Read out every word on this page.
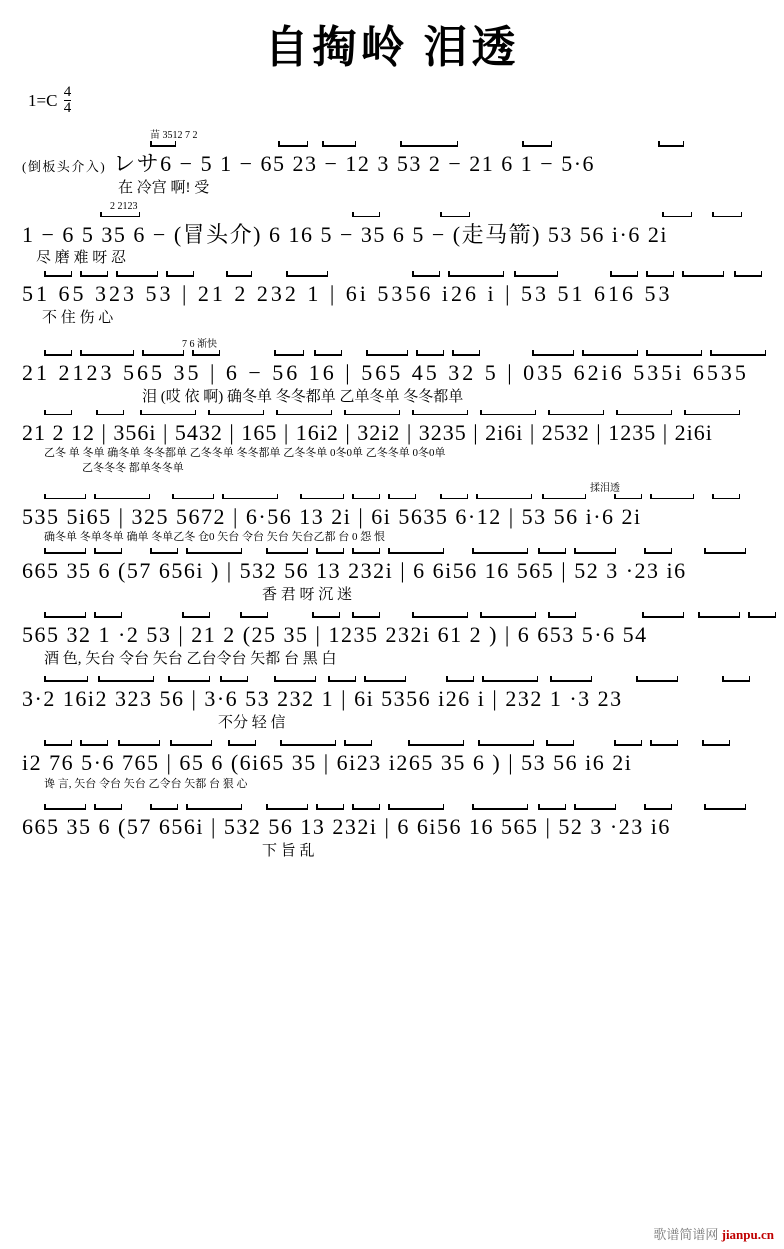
自掏岭 泪透
$1=C \frac{4}{4}$
苗 3512 7 2
(倒板头介入) レサ6 − 5 1 − 65 23 − 12 3 53 2 − 21 6 1 − 5·6
在 冷宫 啊! 受
2 2123
1 − 6 5 35 6 − (冒头介) 6 16 5 − 35 6 5 − (走马箭) 53 56 i·6 2i
尽 磨 难 呀 忍
51 65 323 53 | 21 2 232 1 | 6i 5356 i26 i | 53 51 616 53
不 住 伤 心
7 6 渐快
21 2123 565 35 | 6 − 56 16 | 565 45 32 5 | 035 62i6 535i 6535
泪 (哎 依 啊) 确冬单 冬冬都单 乙单冬单 冬冬都单
21 2 12 | 356i | 5432 | 165 | 16i2 | 32i2 | 3235 | 2i6i | 2532 | 1235 | 2i6i
乙冬 单 冬单 确冬单 冬冬都单 乙冬冬单 冬冬都单 乙冬冬单 0冬0单 乙冬冬单 0冬0单
乙冬冬冬 都单冬冬单
揉泪透
535 5i65 | 325 5672 | 6·56 13 2i | 6i 5635 6·12 | 53 56 i·6 2i
确冬单 冬单冬单 确单 冬单乙冬 仓0 矢台 令台 矢台 矢台乙都 台 0 怨 恨
665 35 6 (57 656i ) | 532 56 13 232i | 6 6i56 16 565 | 52 3 ·23 i6
香 君 呀 沉 迷
565 32 1 ·2 53 | 21 2 (25 35 | 1235 232i 61 2 ) | 6 653 5·6 54
酒 色, 矢台 令台 矢台 乙台令台 矢都 台 黑 白
3·2 16i2 323 56 | 3·6 53 232 1 | 6i 5356 i26 i | 232 1 ·3 23
不分 轻 信
i2 76 5·6 765 | 65 6 (6i65 35 | 6i23 i265 35 6 ) | 53 56 i6 2i
谗 言, 矢台 令台 矢台 乙令台 矢都 台 狠 心
665 35 6 (57 656i | 532 56 13 232i | 6 6i56 16 565 | 52 3 ·23 i6
下 旨 乱
歌谱简谱网 jianpu.cn
